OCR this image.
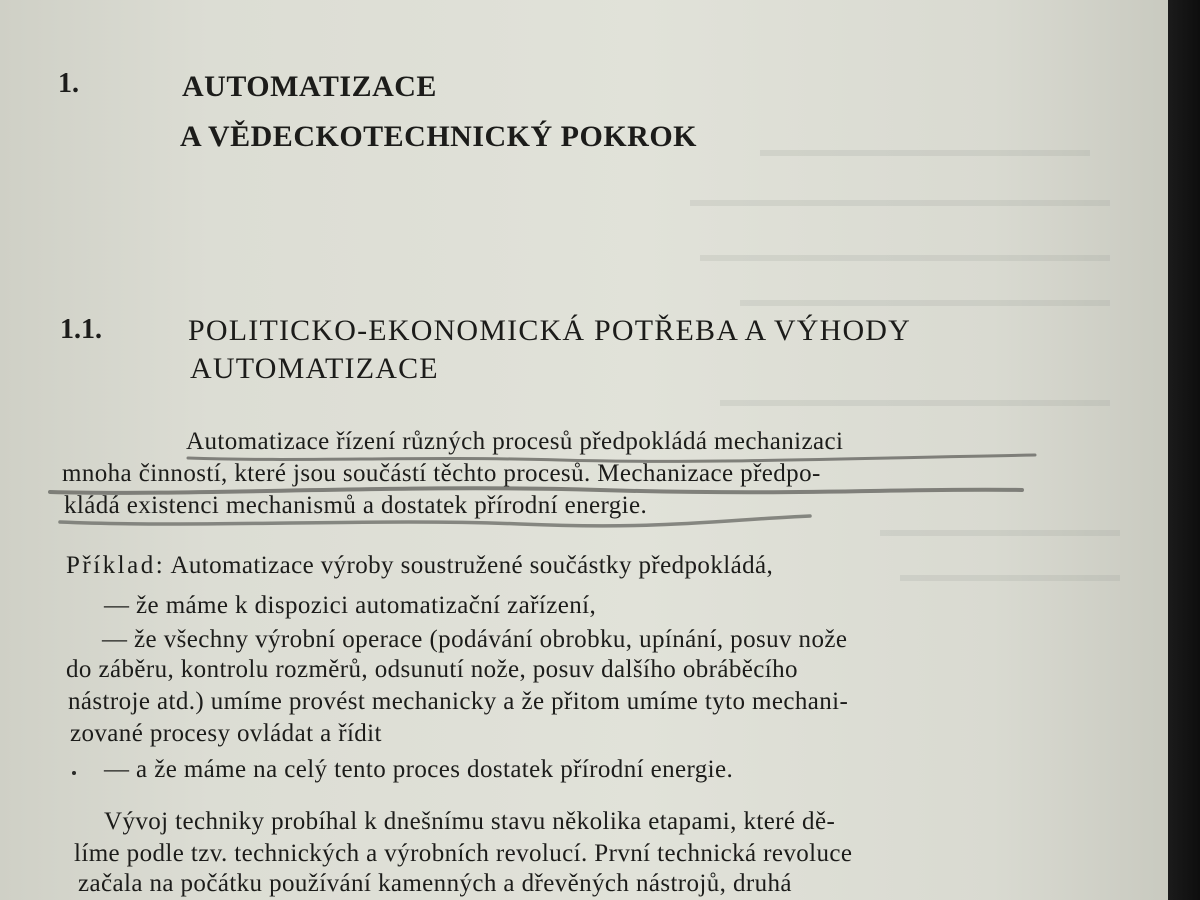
1.	AUTOMATIZACE
A VĚDECKOTECHNICKÝ POKROK
1.1.	POLITICKO-EKONOMICKÁ POTŘEBA A VÝHODY
AUTOMATIZACE
Automatizace řízení různých procesů předpokládá mechanizaci
mnoha činností, které jsou součástí těchto procesů. Mechanizace předpo-
kládá existenci mechanismů a dostatek přírodní energie.
Příklad: Automatizace výroby soustružené součástky předpokládá,
— že máme k dispozici automatizační zařízení,
— že všechny výrobní operace (podávání obrobku, upínání, posuv nože
do záběru, kontrolu rozměrů, odsunutí nože, posuv dalšího obráběcího
nástroje atd.) umíme provést mechanicky a že přitom umíme tyto mechani-
zované procesy ovládat a řídit
— a že máme na celý tento proces dostatek přírodní energie.
Vývoj techniky probíhal k dnešnímu stavu několika etapami, které dě-
líme podle tzv. technických a výrobních revolucí. První technická revoluce
začala na počátku používání kamenných a dřevěných nástrojů, druhá
